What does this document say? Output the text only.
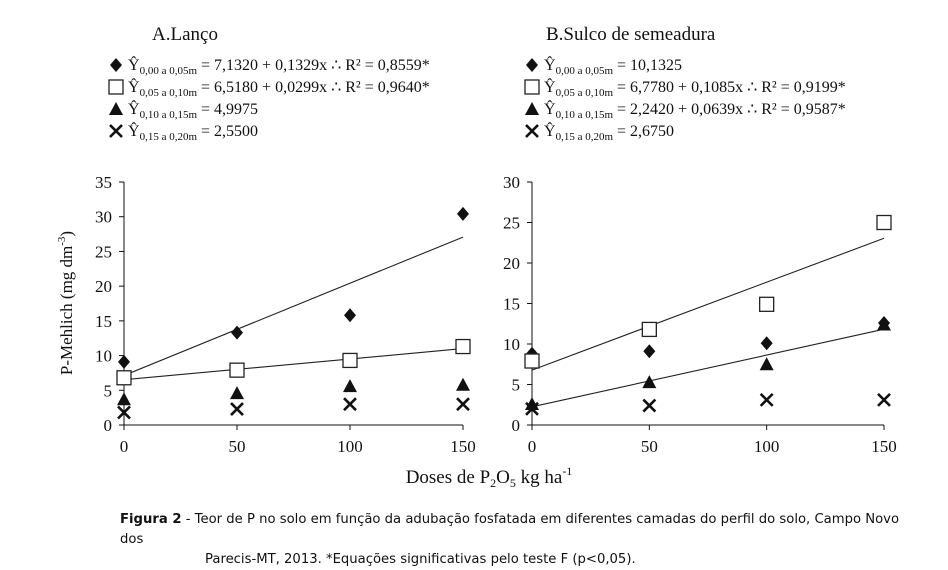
A.Lanço
$Ŷ_{0,00 a 0,05m} = 7,1320 + 0,1329x$ ∴ R² = 0,8559*
$Ŷ_{0,05 a 0,10m} = 6,5180 + 0,0299x$ ∴ R² = 0,9640*
$Ŷ_{0,10 a 0,15m} = 4,9975$
$Ŷ_{0,15 a 0,20m} = 2,5500$
0
5
10
15
20
25
30
35
0	50	100	150
B.Sulco de semeadura
$Ŷ_{0,00 a 0,05m} = 10,1325$
$Ŷ_{0,05 a 0,10m} = 6,7780 + 0,1085x$ ∴ R² = 0,9199*
$Ŷ_{0,10 a 0,15m} = 2,2420 + 0,0639x$ ∴ R² = 0,9587*
$Ŷ_{0,15 a 0,20m} = 2,6750$
0
5
10
15
20
25
30
0	50	100	150
P-Mehlich (mg $dm^{-3}$)
Doses de $P_2O_5$ kg $ha^{-1}$
Figura 2 - Teor de P no solo em função da adubação fosfatada em diferentes camadas do perfil do solo, Campo Novo dos
Parecis-MT, 2013. *Equações significativas pelo teste F (p<0,05).
